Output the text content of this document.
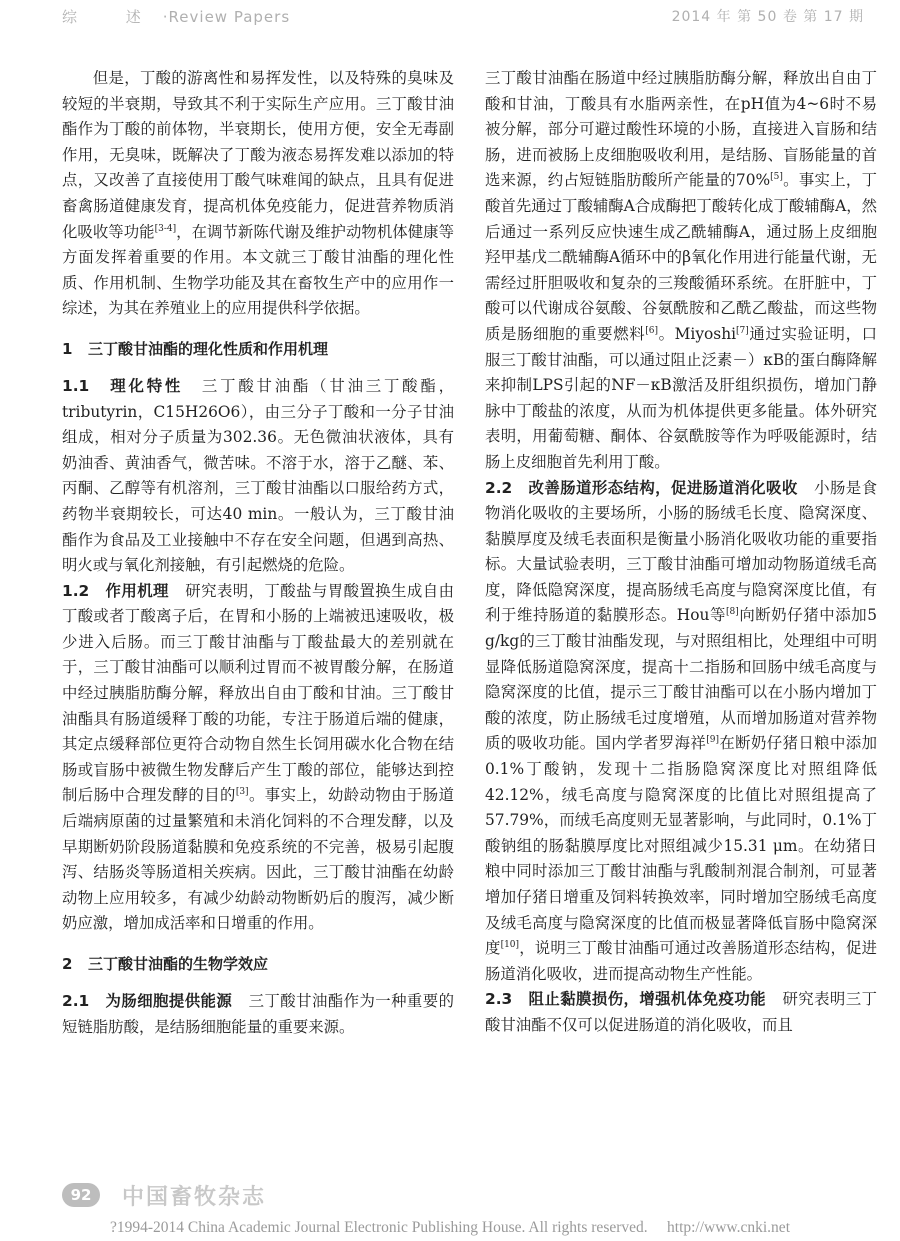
综 述·Review Papers	2014 年 第 50 卷 第 17 期

但是，丁酸的游离性和易挥发性，以及特殊的臭味及较短的半衰期，导致其不利于实际生产应用。三丁酸甘油酯作为丁酸的前体物，半衰期长，使用方便，安全无毒副作用，无臭味，既解决了丁酸为液态易挥发难以添加的特点，又改善了直接使用丁酸气味难闻的缺点，且具有促进畜禽肠道健康发育，提高机体免疫能力，促进营养物质消化吸收等功能[3-4]，在调节新陈代谢及维护动物机体健康等方面发挥着重要的作用。本文就三丁酸甘油酯的理化性质、作用机制、生物学功能及其在畜牧生产中的应用作一综述，为其在养殖业上的应用提供科学依据。

1 三丁酸甘油酯的理化性质和作用机理

1.1　理化特性 三丁酸甘油酯（甘油三丁酸酯，tributyrin，C15H26O6），由三分子丁酸和一分子甘油组成，相对分子质量为302.36。无色微油状液体，具有奶油香、黄油香气，微苦味。不溶于水，溶于乙醚、苯、丙酮、乙醇等有机溶剂，三丁酸甘油酯以口服给药方式，药物半衰期较长，可达40 min。一般认为，三丁酸甘油酯作为食品及工业接触中不存在安全问题，但遇到高热、明火或与氧化剂接触，有引起燃烧的危险。

1.2　作用机理 研究表明，丁酸盐与胃酸置换生成自由丁酸或者丁酸离子后，在胃和小肠的上端被迅速吸收，极少进入后肠。而三丁酸甘油酯与丁酸盐最大的差别就在于，三丁酸甘油酯可以顺利过胃而不被胃酸分解，在肠道中经过胰脂肪酶分解，释放出自由丁酸和甘油。三丁酸甘油酯具有肠道缓释丁酸的功能，专注于肠道后端的健康，其定点缓释部位更符合动物自然生长饲用碳水化合物在结肠或盲肠中被微生物发酵后产生丁酸的部位，能够达到控制后肠中合理发酵的目的[3]。事实上，幼龄动物由于肠道后端病原菌的过量繁殖和未消化饲料的不合理发酵，以及早期断奶阶段肠道黏膜和免疫系统的不完善，极易引起腹泻、结肠炎等肠道相关疾病。因此，三丁酸甘油酯在幼龄动物上应用较多，有减少幼龄动物断奶后的腹泻，减少断奶应激，增加成活率和日增重的作用。

2 三丁酸甘油酯的生物学效应

2.1　为肠细胞提供能源 三丁酸甘油酯作为一种重要的短链脂肪酸，是结肠细胞能量的重要来源。

三丁酸甘油酯在肠道中经过胰脂肪酶分解，释放出自由丁酸和甘油，丁酸具有水脂两亲性，在pH值为4~6时不易被分解，部分可避过酸性环境的小肠，直接进入盲肠和结肠，进而被肠上皮细胞吸收利用，是结肠、盲肠能量的首选来源，约占短链脂肪酸所产能量的70%[5]。事实上，丁酸首先通过丁酸辅酶A合成酶把丁酸转化成丁酸辅酶A，然后通过一系列反应快速生成乙酰辅酶A，通过肠上皮细胞羟甲基戊二酰辅酶A循环中的β氧化作用进行能量代谢，无需经过肝胆吸收和复杂的三羧酸循环系统。在肝脏中，丁酸可以代谢成谷氨酸、谷氨酰胺和乙酰乙酸盐，而这些物质是肠细胞的重要燃料[6]。Miyoshi[7]通过实验证明，口服三丁酸甘油酯，可以通过阻止泛素－）κB的蛋白酶降解来抑制LPS引起的NF－κB激活及肝组织损伤，增加门静脉中丁酸盐的浓度，从而为机体提供更多能量。体外研究表明，用葡萄糖、酮体、谷氨酰胺等作为呼吸能源时，结肠上皮细胞首先利用丁酸。

2.2　改善肠道形态结构，促进肠道消化吸收 小肠是食物消化吸收的主要场所，小肠的肠绒毛长度、隐窝深度、黏膜厚度及绒毛表面积是衡量小肠消化吸收功能的重要指标。大量试验表明，三丁酸甘油酯可增加动物肠道绒毛高度，降低隐窝深度，提高肠绒毛高度与隐窝深度比值，有利于维持肠道的黏膜形态。Hou等[8]向断奶仔猪中添加5 g/kg的三丁酸甘油酯发现，与对照组相比，处理组中可明显降低肠道隐窝深度，提高十二指肠和回肠中绒毛高度与隐窝深度的比值，提示三丁酸甘油酯可以在小肠内增加丁酸的浓度，防止肠绒毛过度增殖，从而增加肠道对营养物质的吸收功能。国内学者罗海祥[9]在断奶仔猪日粮中添加0.1%丁酸钠，发现十二指肠隐窝深度比对照组降低42.12%，绒毛高度与隐窝深度的比值比对照组提高了57.79%，而绒毛高度则无显著影响，与此同时，0.1%丁酸钠组的肠黏膜厚度比对照组减少15.31 μm。在幼猪日粮中同时添加三丁酸甘油酯与乳酸制剂混合制剂，可显著增加仔猪日增重及饲料转换效率，同时增加空肠绒毛高度及绒毛高度与隐窝深度的比值而极显著降低盲肠中隐窝深度[10]，说明三丁酸甘油酯可通过改善肠道形态结构，促进肠道消化吸收，进而提高动物生产性能。

2.3　阻止黏膜损伤，增强机体免疫功能 研究表明三丁酸甘油酯不仅可以促进肠道的消化吸收，而且

92	中国畜牧杂志
?1994-2014 China Academic Journal Electronic Publishing House. All rights reserved.　 http://www.cnki.net
